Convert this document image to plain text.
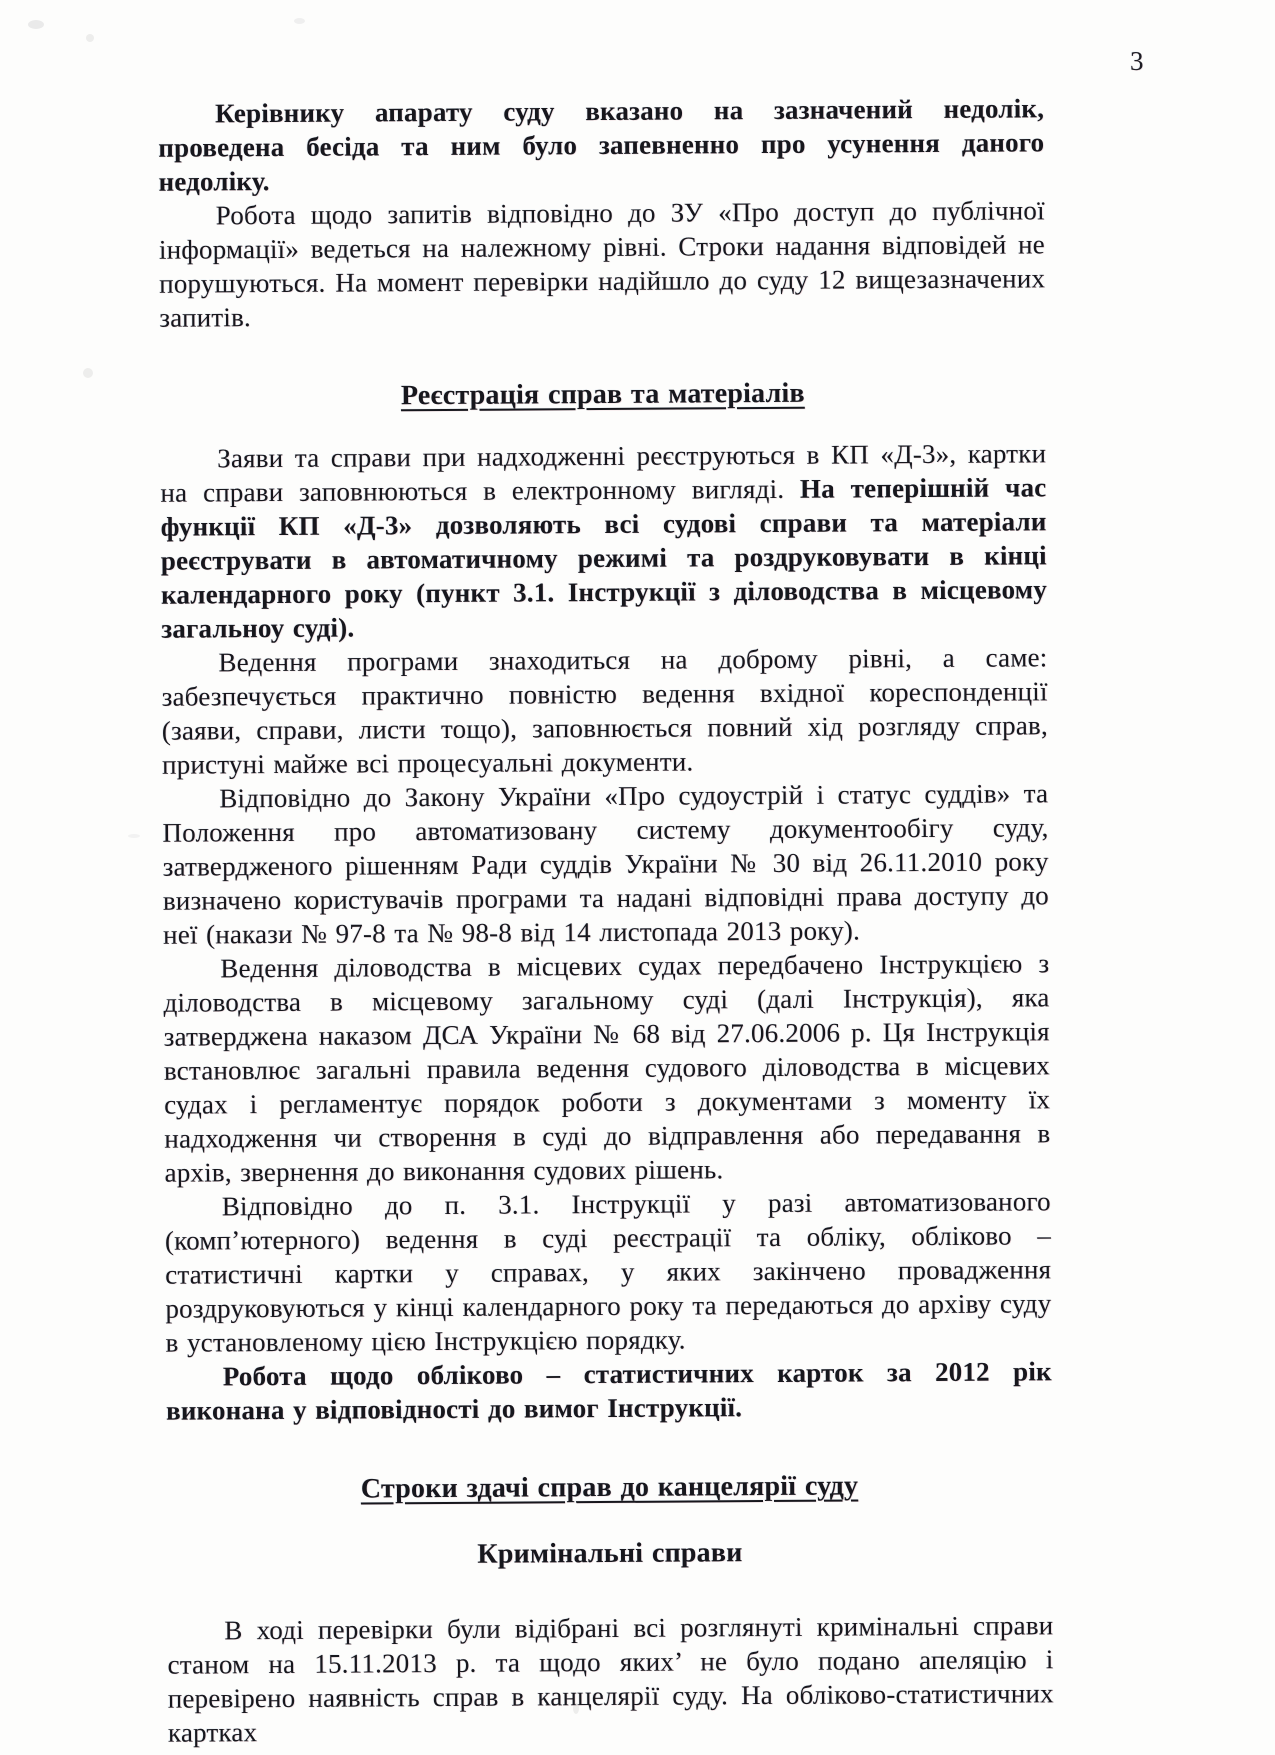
3
Керівнику апарату суду вказано на зазначений недолік, проведена бесіда та ним було запевненно про усунення даного недоліку.
Робота щодо запитів відповідно до ЗУ «Про доступ до публічної інформації» ведеться на належному рівні. Строки надання відповідей не порушуються. На момент перевірки надійшло до суду 12 вищезазначених запитів.
Реєстрація справ та матеріалів
Заяви та справи при надходженні реєструються в КП «Д-3», картки на справи заповнюються в електронному вигляді. На теперішній час функції КП «Д-3» дозволяють всі судові справи та матеріали реєструвати в автоматичному режимі та роздруковувати в кінці календарного року (пункт 3.1. Інструкції з діловодства в місцевому загальноу суді).
Ведення програми знаходиться на доброму рівні, а саме: забезпечується практично повністю ведення вхідної кореспонденції (заяви, справи, листи тощо), заповнюється повний хід розгляду справ, пристуні майже всі процесуальні документи.
Відповідно до Закону України «Про судоустрій і статус суддів» та Положення про автоматизовану систему документообігу суду, затвердженого рішенням Ради суддів України № 30 від 26.11.2010 року визначено користувачів програми та надані відповідні права доступу до неї (накази № 97-8 та № 98-8 від 14 листопада 2013 року).
Ведення діловодства в місцевих судах передбачено Інструкцією з діловодства в місцевому загальному суді (далі Інструкція), яка затверджена наказом ДСА України № 68 від 27.06.2006 р. Ця Інструкція встановлює загальні правила ведення судового діловодства в місцевих судах і регламентує порядок роботи з документами з моменту їх надходження чи створення в суді до відправлення або передавання в архів, звернення до виконання судових рішень.
Відповідно до п. 3.1. Інструкції у разі автоматизованого (комп’ютерного) ведення в суді реєстрації та обліку, обліково – статистичні картки у справах, у яких закінчено провадження роздруковуються у кінці календарного року та передаються до архіву суду в установленому цією Інструкцією порядку.
Робота щодо обліково – статистичних карток за 2012 рік виконана у відповідності до вимог Інструкції.
Строки здачі справ до канцелярії суду
Кримінальні справи
В ході перевірки були відібрані всі розглянуті кримінальні справи станом на 15.11.2013 р. та щодо яких’ не було подано апеляцію і перевірено наявність справ в канцелярії суду. На обліково-статистичних картках
